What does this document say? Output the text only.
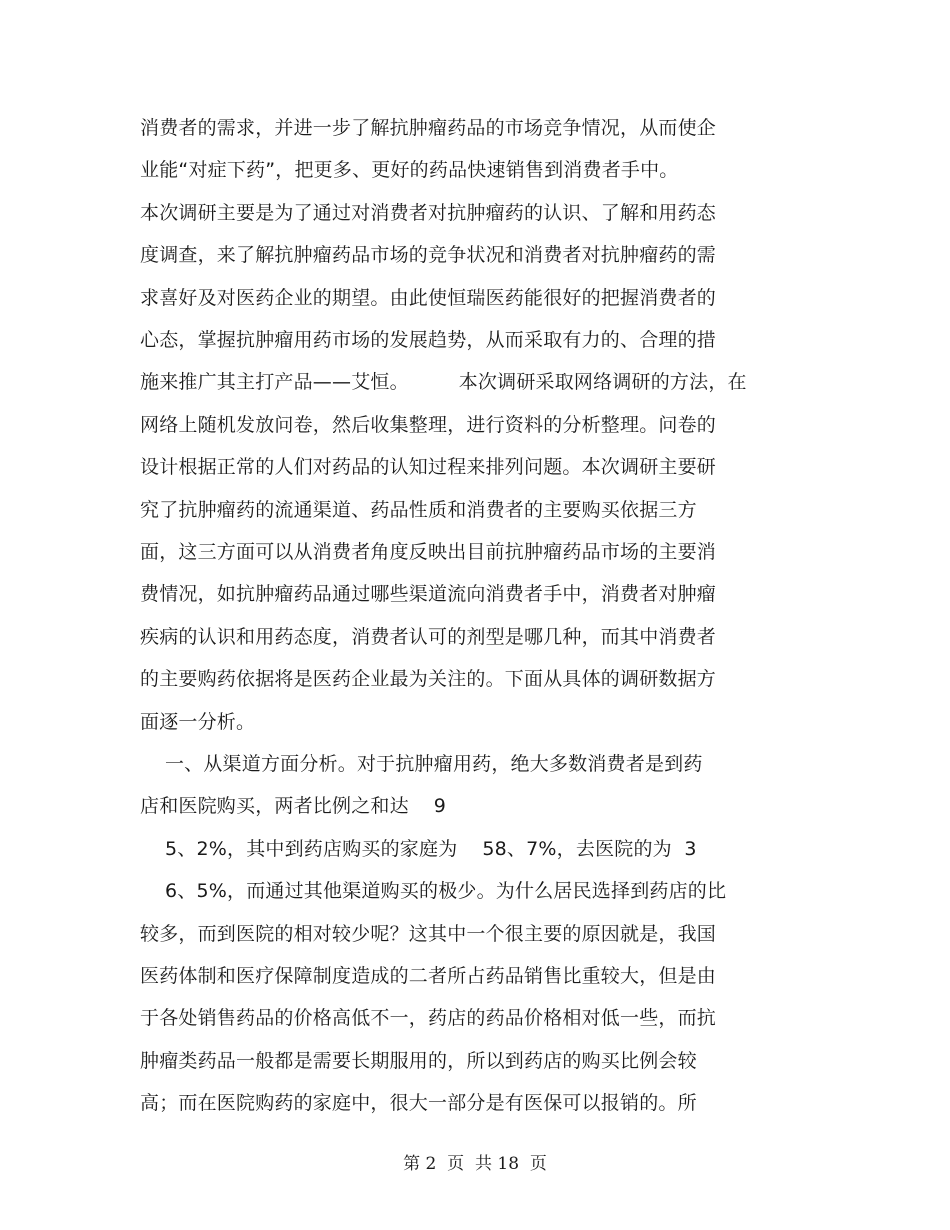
消费者的需求，并进一步了解抗肿瘤药品的市场竞争情况，从而使企
业能“对症下药”，把更多、更好的药品快速销售到消费者手中。
本次调研主要是为了通过对消费者对抗肿瘤药的认识、了解和用药态
度调查，来了解抗肿瘤药品市场的竞争状况和消费者对抗肿瘤药的需
求喜好及对医药企业的期望。由此使恒瑞医药能很好的把握消费者的
心态，掌握抗肿瘤用药市场的发展趋势，从而采取有力的、合理的措
施来推广其主打产品——艾恒。        本次调研采取网络调研的方法，在
网络上随机发放问卷，然后收集整理，进行资料的分析整理。问卷的
设计根据正常的人们对药品的认知过程来排列问题。本次调研主要研
究了抗肿瘤药的流通渠道、药品性质和消费者的主要购买依据三方
面，这三方面可以从消费者角度反映出目前抗肿瘤药品市场的主要消
费情况，如抗肿瘤药品通过哪些渠道流向消费者手中，消费者对肿瘤
疾病的认识和用药态度，消费者认可的剂型是哪几种，而其中消费者
的主要购药依据将是医药企业最为关注的。下面从具体的调研数据方
面逐一分析。
一、从渠道方面分析。对于抗肿瘤用药，绝大多数消费者是到药
店和医院购买，两者比例之和达    9
5、2%，其中到药店购买的家庭为    58、7%，去医院的为  3
6、5%，而通过其他渠道购买的极少。为什么居民选择到药店的比
较多，而到医院的相对较少呢？这其中一个很主要的原因就是，我国
医药体制和医疗保障制度造成的二者所占药品销售比重较大，但是由
于各处销售药品的价格高低不一，药店的药品价格相对低一些，而抗
肿瘤类药品一般都是需要长期服用的，所以到药店的购买比例会较
高；而在医院购药的家庭中，很大一部分是有医保可以报销的。所
第 2  页  共 18  页
